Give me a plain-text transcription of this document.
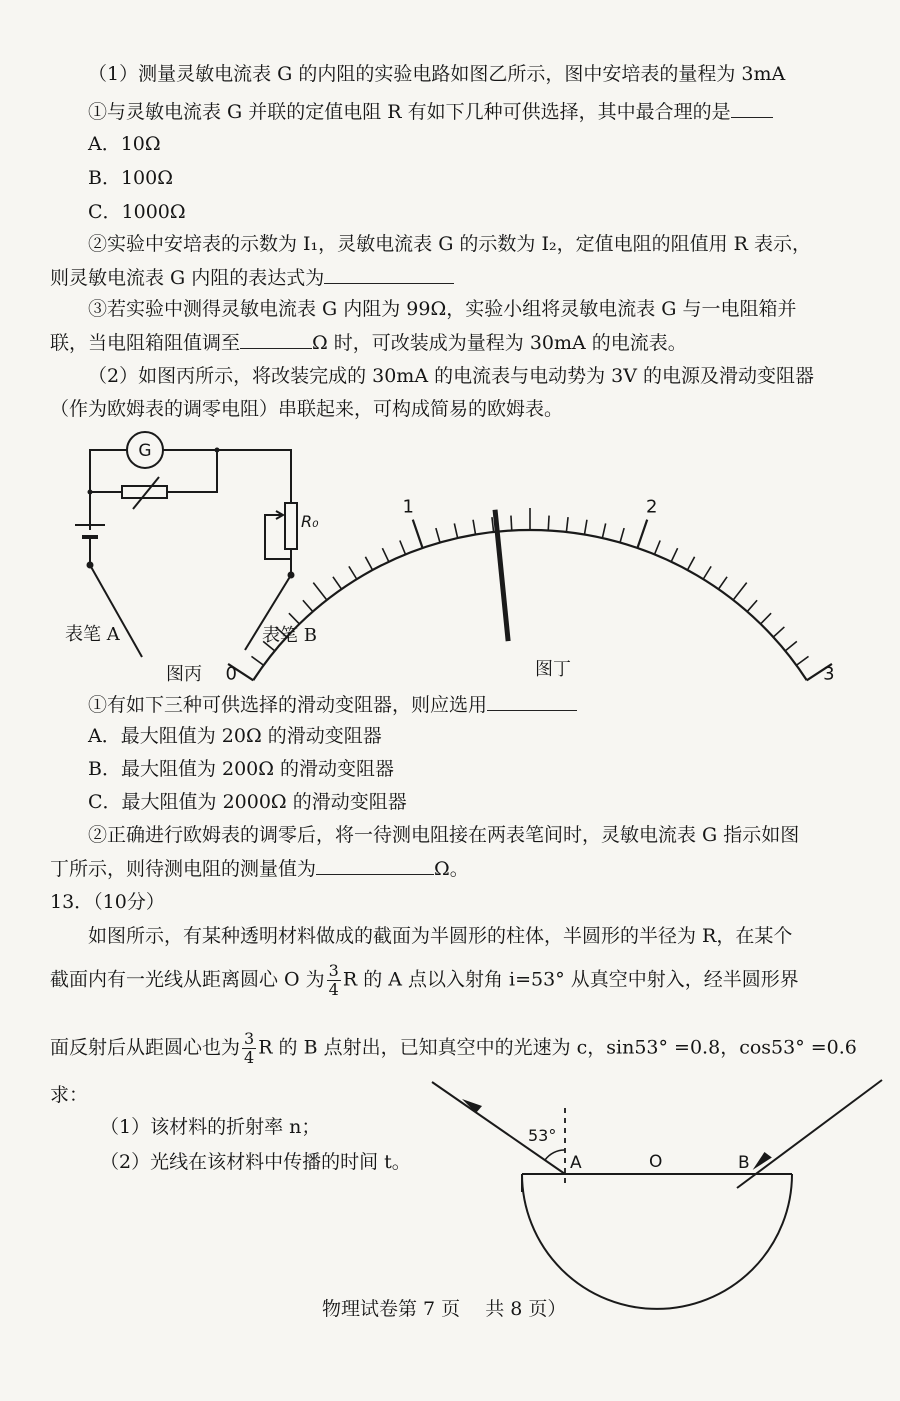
（1）测量灵敏电流表 G 的内阻的实验电路如图乙所示，图中安培表的量程为 3mA
①与灵敏电流表 G 并联的定值电阻 R 有如下几种可供选择，其中最合理的是
A．10Ω
B．100Ω
C．1000Ω
②实验中安培表的示数为 I₁，灵敏电流表 G 的示数为 I₂，定值电阻的阻值用 R 表示，
则灵敏电流表 G 内阻的表达式为
③若实验中测得灵敏电流表 G 内阻为 99Ω，实验小组将灵敏电流表 G 与一电阻箱并
联，当电阻箱阻值调至	Ω 时，可改装成为量程为 30mA 的电流表。
（2）如图丙所示，将改装完成的 30mA 的电流表与电动势为 3V 的电源及滑动变阻器
（作为欧姆表的调零电阻）串联起来，可构成简易的欧姆表。
G
R₀
表笔 A	表笔 B
图丙 0
1	2
3
图丁
①有如下三种可供选择的滑动变阻器，则应选用
A．最大阻值为 20Ω 的滑动变阻器
B．最大阻值为 200Ω 的滑动变阻器
C．最大阻值为 2000Ω 的滑动变阻器
②正确进行欧姆表的调零后，将一待测电阻接在两表笔间时，灵敏电流表 G 指示如图
丁所示，则待测电阻的测量值为	Ω。
13．（10分）
如图所示，有某种透明材料做成的截面为半圆形的柱体，半圆形的半径为 R，在某个
截面内有一光线从距离圆心 O 为 $\frac{3}{4}$ R 的 A 点以入射角 i=53° 从真空中射入，经半圆形界
面反射后从距圆心也为 $\frac{3}{4}$ R 的 B 点射出，已知真空中的光速为 c，sin53° =0.8，cos53° =0.6
求：
（1）该材料的折射率 n；
（2）光线在该材料中传播的时间 t。
53°
A	O	B
物理试卷第 7 页　 共 8 页）
